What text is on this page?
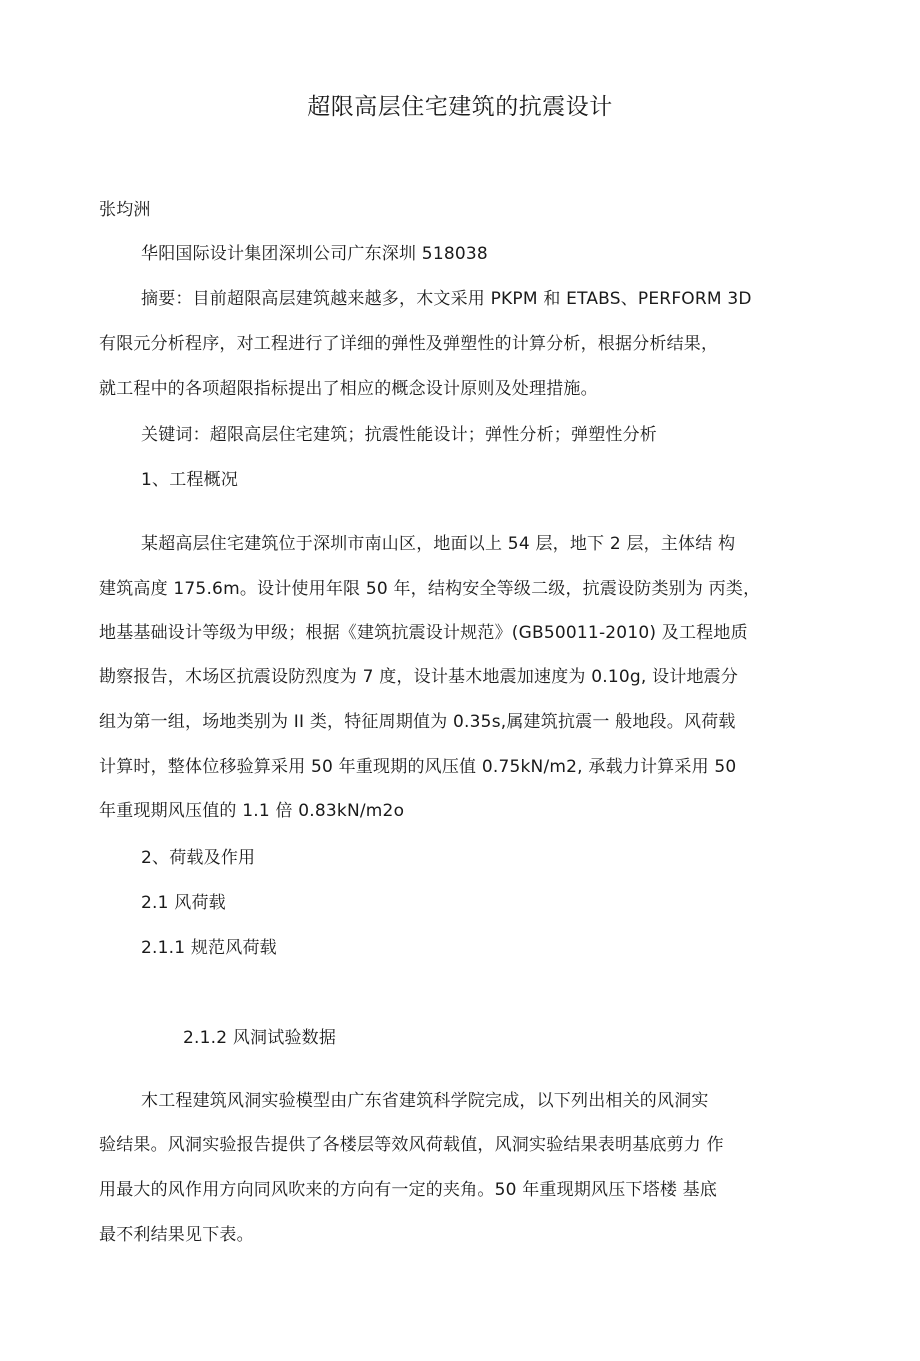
超限高层住宅建筑的抗震设计
张均洲
华阳国际设计集团深圳公司广东深圳 518038
摘要：目前超限高层建筑越来越多，木文采用 PKPM 和 ETABS、PERFORM 3D
有限元分析程序，对工程进行了详细的弹性及弹塑性的计算分析，根据分析结果，
就工程中的各项超限指标提出了相应的概念设计原则及处理措施。
关键词：超限高层住宅建筑；抗震性能设计；弹性分析；弹塑性分析
1、工程概况
某超高层住宅建筑位于深圳市南山区，地面以上 54 层，地下 2 层，主体结 构
建筑高度 175.6m。设计使用年限 50 年，结构安全等级二级，抗震设防类别为 丙类，
地基基础设计等级为甲级；根据《建筑抗震设计规范》(GB50011-2010) 及工程地质
勘察报告，木场区抗震设防烈度为 7 度，设计基木地震加速度为 0.10g, 设计地震分
组为第一组，场地类别为 II 类，特征周期值为 0.35s,属建筑抗震一 般地段。风荷载
计算时，整体位移验算采用 50 年重现期的风压值 0.75kN/m2, 承载力计算采用 50
年重现期风压值的 1.1 倍 0.83kN/m2o
2、荷载及作用
2.1 风荷载
2.1.1 规范风荷载
2.1.2 风洞试验数据
木工程建筑风洞实验模型由广东省建筑科学院完成，以下列出相关的风洞实
验结果。风洞实验报告提供了各楼层等效风荷载值，风洞实验结果表明基底剪力 作
用最大的风作用方向同风吹来的方向有一定的夹角。50 年重现期风压下塔楼 基底
最不利结果见下表。
